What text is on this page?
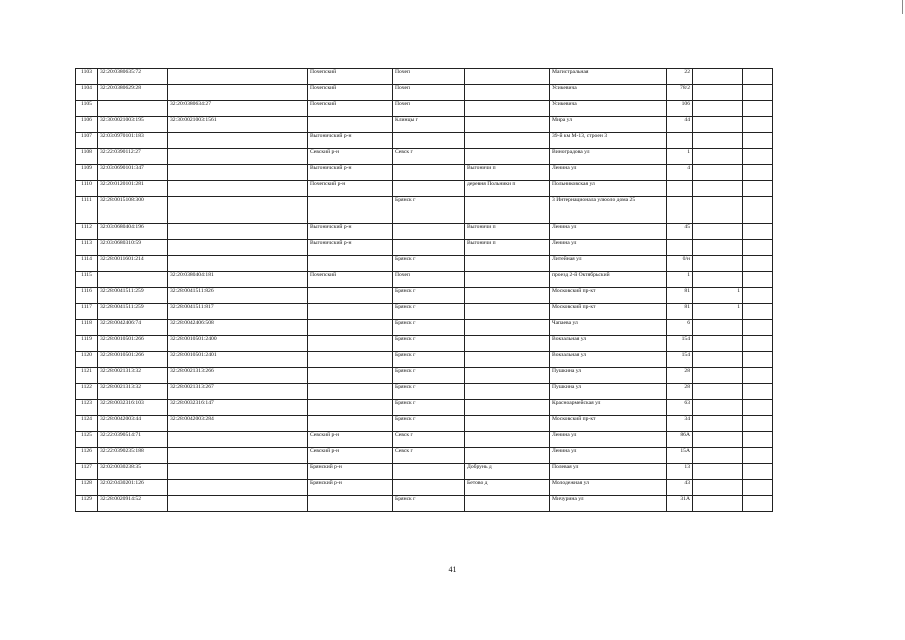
1103	32:20:0380635:72		Почепский	Почеп		Магистральная	22		
1104	32:20:0380629:28		Почепский	Почеп		Усикевича	78/2		
1105		32:20:0380634:27	Почепский	Почеп		Усикевича	106		
1106	32:30:0021003:195	32:30:0021003:1561		Клинцы г		Мира ул	44		
1107	32:03:0970101:183		Выгоничский р-н			39-й км М-13, строен 3			
1108	32:22:0390112:27		Севский р-н	Севск г		Виноградова ул	1		
1109	32:03:0690101:347		Выгоничский р-н		Выгоничи п	Ленина ул	4		
1110	32:20:0120101:281		Почепский р-н		деревня Польники п	Польниковская ул			
1111	32:28:0015108:300			Брянск г		3 Интернационала улюоло дома 25			
1112	32:03:0680404:196		Выгоничский р-н		Выгоничи п	Ленина ул	45		
1113	32:03:0680310:59		Выгоничский р-н		Выгоничи п	Ленина ул			
1114	32:28:0011601:214			Брянск г		Литейная ул	0/н		
1115		32:20:0380404:181	Почепский	Почеп		проезд 2-й Октябрьский	1		
1116	32:28:0041511:259	32:28:0041511:826		Брянск г		Московский пр-кт	81	1	
1117	32:28:0041511:259	32:28:0041511:817		Брянск г		Московский пр-кт	81	1	
1118	32:28:0042406:74	32:28:0042406:508		Брянск г		Чапаева ул	6		
1119	32:28:0010501:266	32:28:0010501:2400		Брянск г		Вокзальная ул	154		
1120	32:28:0010501:266	32:28:0010501:2401		Брянск г		Вокзальная ул	154		
1121	32:28:0021313:32	32:28:0021313:266		Брянск г		Пушкина ул	28		
1122	32:28:0021313:32	32:28:0021313:267		Брянск г		Пушкина ул	28		
1123	32:28:0032316:103	32:28:0032316:147		Брянск г		Красноармейская ул	63		
1124	32:28:0042003:44	32:28:0042003:284		Брянск г		Московский пр-кт	34		
1125	32:22:0390514:71		Севский р-н	Севск г		Ленина ул	86А		
1126	32:22:0390235:188		Севский р-н	Севск г		Ленина ул	15А		
1127	32:02:0030238:35		Брянский р-н		Добрунь д	Полевая ул	13		
1128	32:02:0430201:126		Брянский р-н		Бетово д	Молодежная ул	43		
1129	32:28:0020914:52			Брянск г		Мичурина ул	31А		
41
